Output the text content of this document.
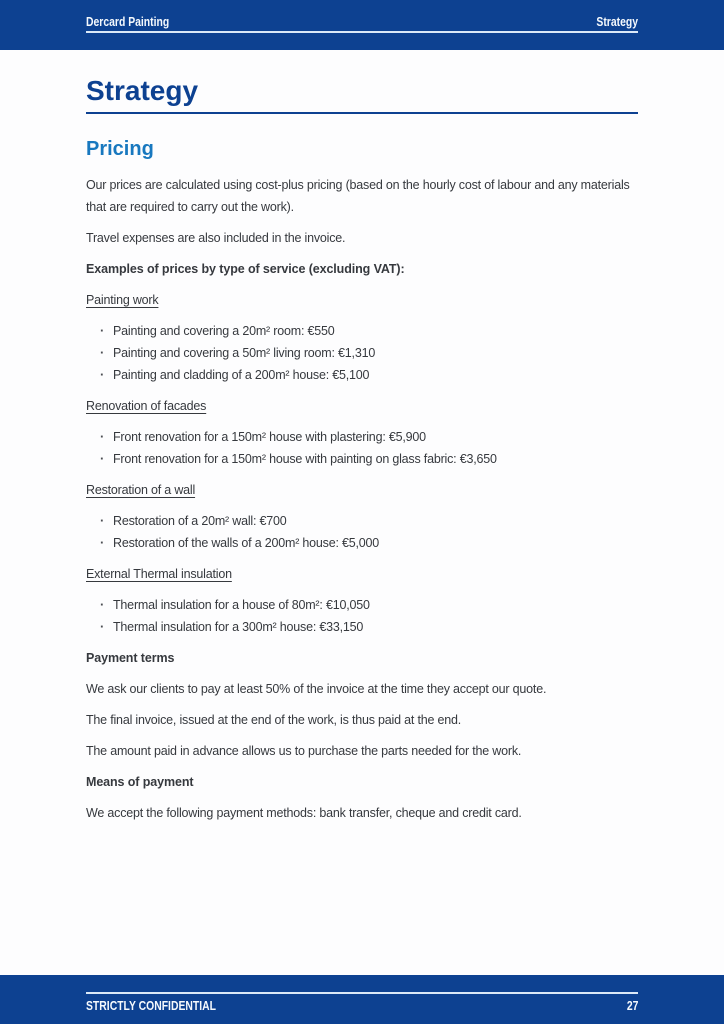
Dercard Painting	Strategy
Strategy
Pricing

Our prices are calculated using cost-plus pricing (based on the hourly cost of labour and any materials that are required to carry out the work).

Travel expenses are also included in the invoice.

Examples of prices by type of service (excluding VAT):

Painting work

· Painting and covering a 20m² room: €550
· Painting and covering a 50m² living room: €1,310
· Painting and cladding of a 200m² house: €5,100

Renovation of facades

· Front renovation for a 150m² house with plastering: €5,900
· Front renovation for a 150m² house with painting on glass fabric: €3,650

Restoration of a wall

· Restoration of a 20m² wall: €700
· Restoration of the walls of a 200m² house: €5,000

External Thermal insulation

· Thermal insulation for a house of 80m²: €10,050
· Thermal insulation for a 300m² house: €33,150

Payment terms

We ask our clients to pay at least 50% of the invoice at the time they accept our quote.

The final invoice, issued at the end of the work, is thus paid at the end.

The amount paid in advance allows us to purchase the parts needed for the work.

Means of payment

We accept the following payment methods: bank transfer, cheque and credit card.

STRICTLY CONFIDENTIAL	27
